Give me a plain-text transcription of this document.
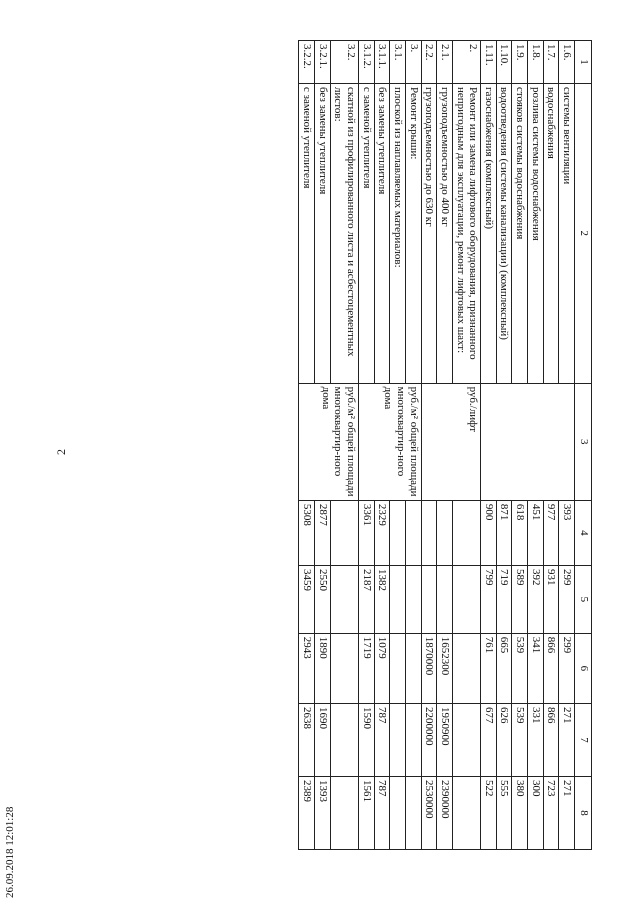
2
26.09.2018 12:01:28
1	2	3	4	5	6	7	8
1.6.	системы вентиляции		393	299	299	271	271
1.7.	водоснабжения		977	931	866	866	723
1.8.	розлива системы водоснабжения		451	392	341	331	300
1.9.	стояков системы водоснабжения		618	589	539	539	380
1.10.	водоотведения (системы канализации) (комплексный)		871	719	665	626	555
1.11.	газоснабжения (комплексный)		900	799	761	677	522
2.	Ремонт или замена лифтового оборудования, признанного непригодным для эксплуатации, ремонт лифтовых шахт:	руб./лифт					
2.1.	грузоподъемностью до 400 кг				1652300	1950900	2390000
2.2.	грузоподъемностью до 630 кг				1870000	2200000	2530000
3.	Ремонт крыши:	руб./м² общей площади многоквартир-ного дома					
3.1.	плоской из наплавляемых материалов:						
3.1.1.	без замены утеплителя		2329	1382	1079	787	787
3.1.2.	с заменой утеплителя		3361	2187	1719	1590	1561
3.2.	скатной из профилированного листа и асбестоцементных листов:	руб./м² общей площади многоквартир-ного дома					
3.2.1.	без замены утеплителя		2877	2550	1890	1690	1393
3.2.2.	с заменой утеплителя		5308	3459	2943	2638	2389
